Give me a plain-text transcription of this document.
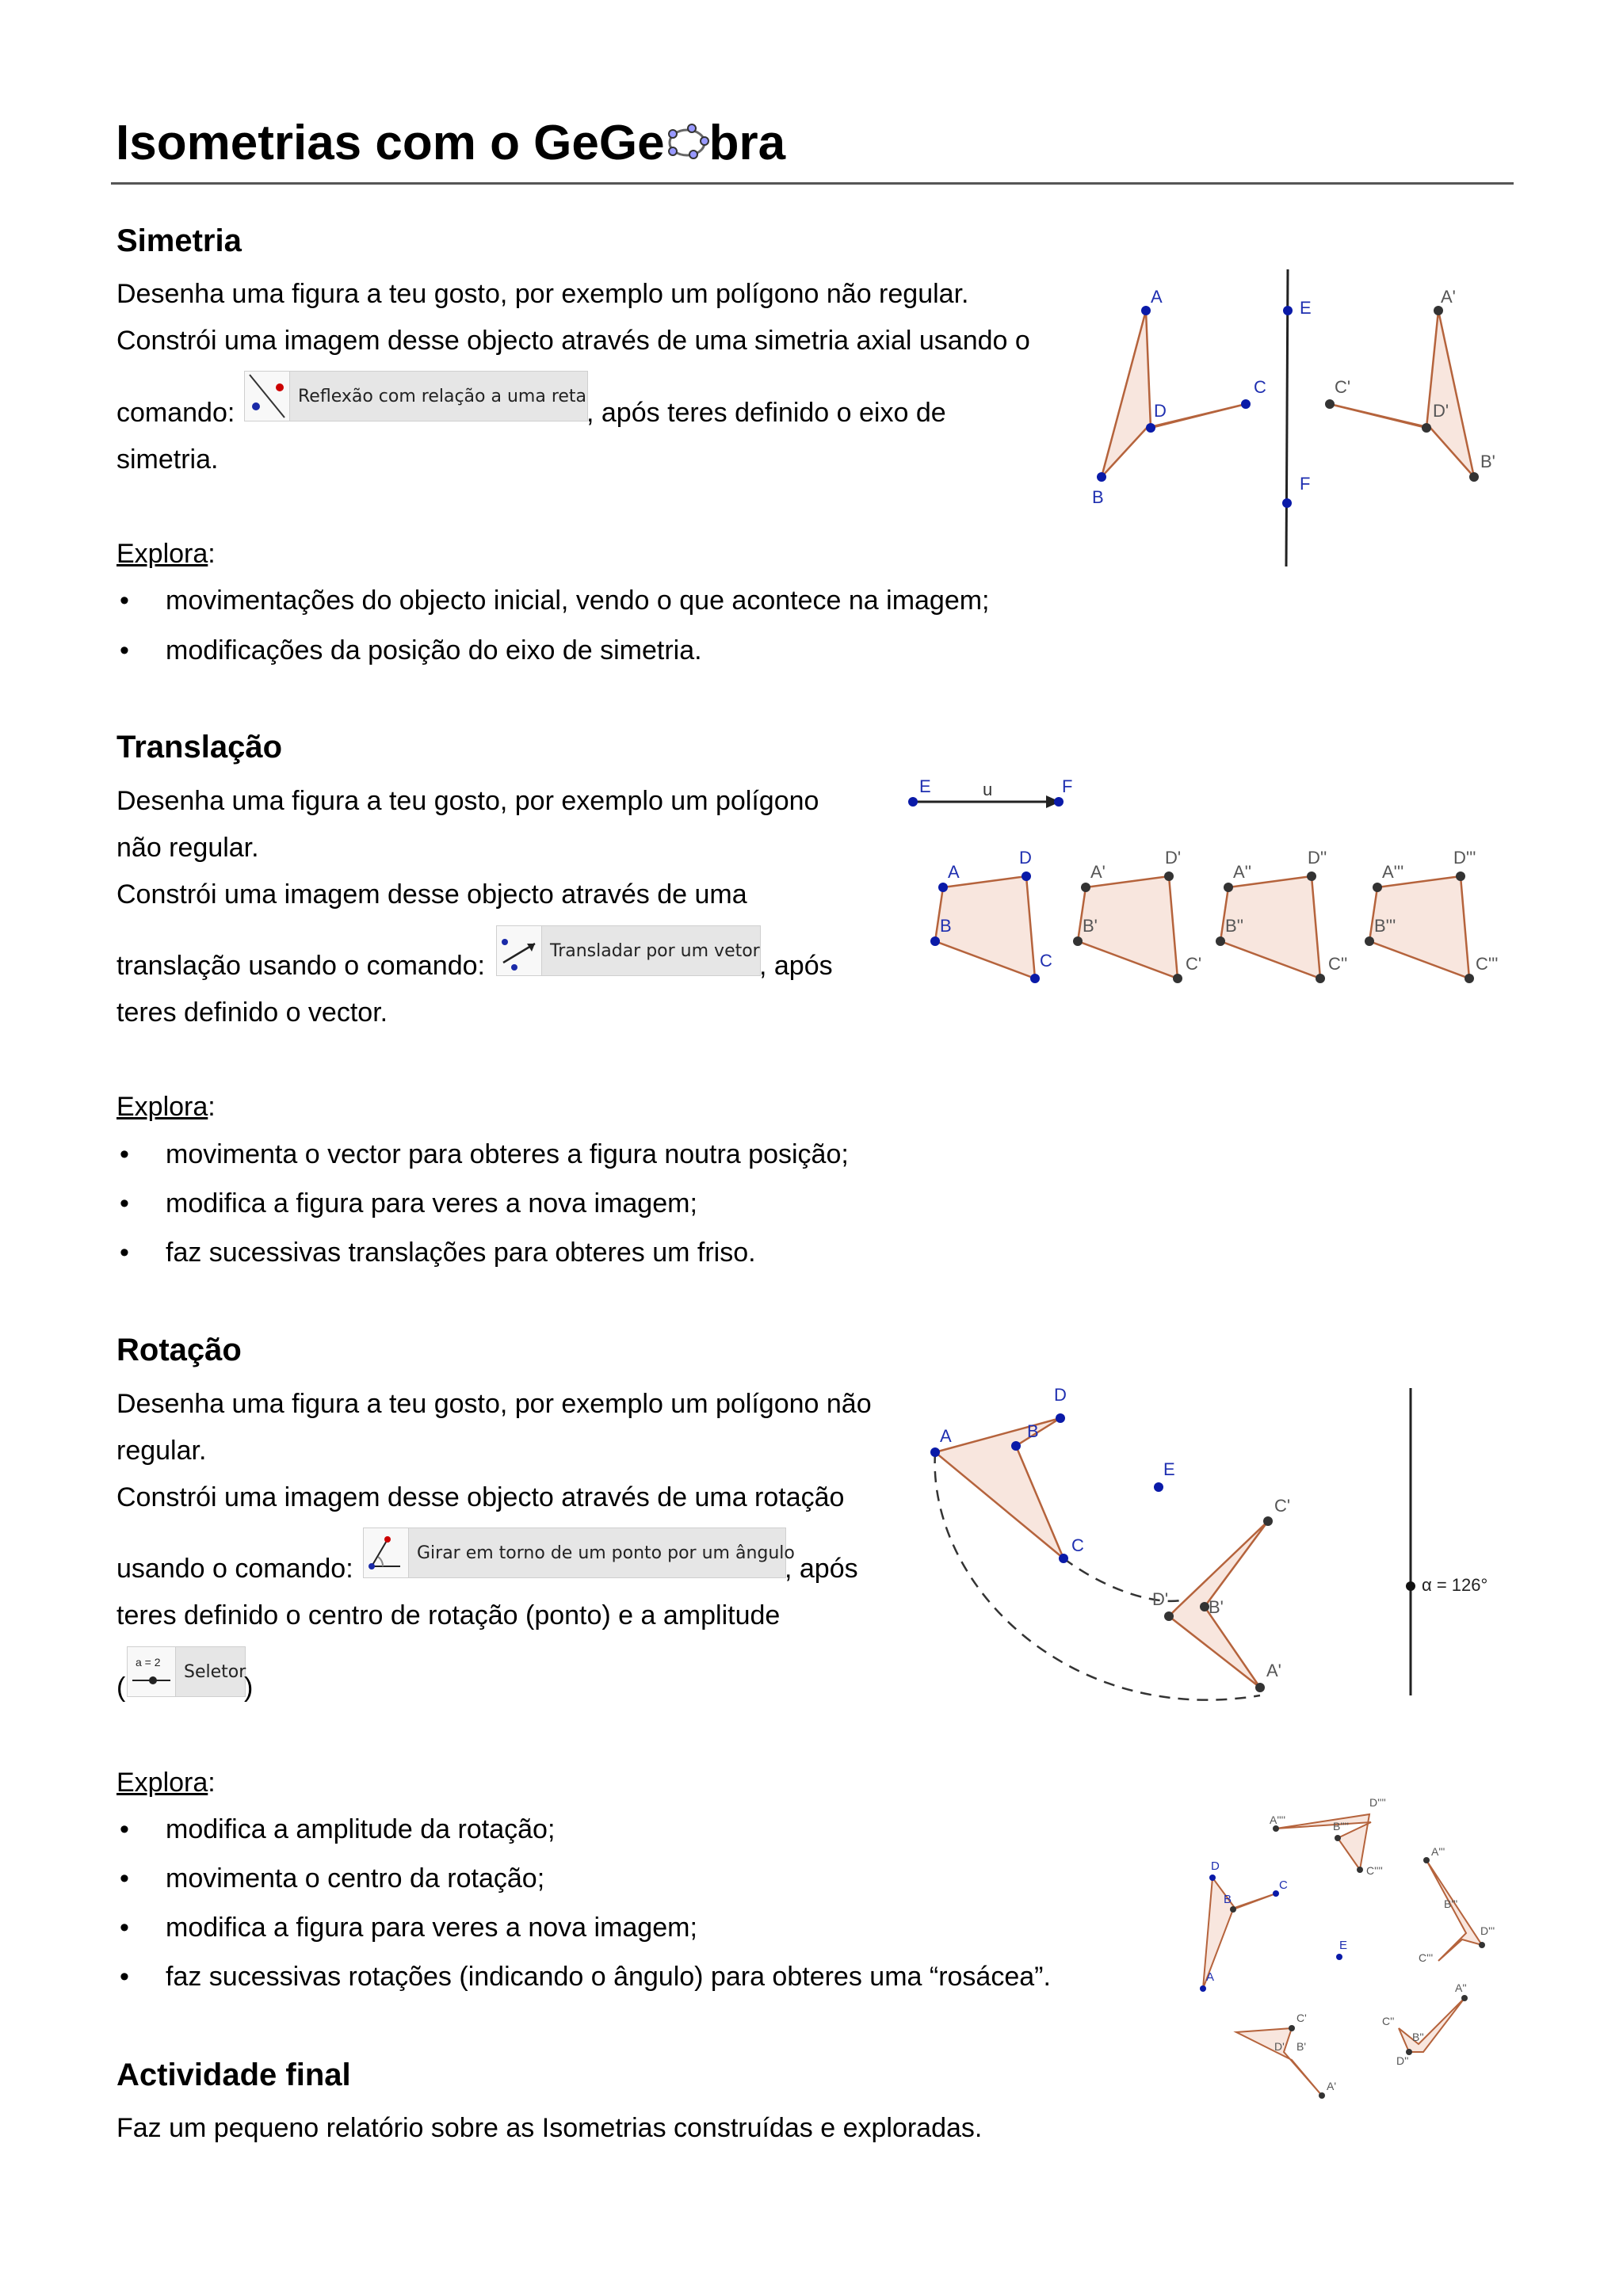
Isometrias com o GeGe bra
Simetria
Desenha uma figura a teu gosto, por exemplo um polígono não regular.
Constrói uma imagem desse objecto através de uma simetria axial usando o
comando:
Reflexão com relação a uma reta
, após teres definido o eixo de
simetria.
Explora:
• movimentações do objecto inicial, vendo o que acontece na imagem;
• modificações da posição do eixo de simetria.
A
B
C
D
E
F
A'
B'
C'
D'
Translação
Desenha uma figura a teu gosto, por exemplo um polígono
não regular.
Constrói uma imagem desse objecto através de uma
translação usando o comando:	Transladar por um vetor , após
teres definido o vector.
Explora:
• movimenta o vector para obteres a figura noutra posição;
• modifica a figura para veres a nova imagem;
• faz sucessivas translações para obteres um friso.
E	F
u
A
B
C
D
A'
B'
C'
D'
A''
B''
C''
D''
A'''
B'''
C'''
D'''
Rotação
Desenha uma figura a teu gosto, por exemplo um polígono não
regular.
Constrói uma imagem desse objecto através de uma rotação
usando o comando:
Girar em torno de um ponto por um ângulo
, após
teres definido o centro de rotação (ponto) e a amplitude
(
a = 2	Seletor
)
Explora:
• modifica a amplitude da rotação;
• movimenta o centro da rotação;
• modifica a figura para veres a nova imagem;
• faz sucessivas rotações (indicando o ângulo) para obteres uma “rosácea”.
A	B
C
D
E
A'
B'
C'
D'
α = 126°
A
B
C
D
E
A'
B'
C'
D'
A''
B''
C''
D''
A'''
B'''
C'''
D'''
A''''	B''''
C''''
D''''
Actividade final
Faz um pequeno relatório sobre as Isometrias construídas e exploradas.
